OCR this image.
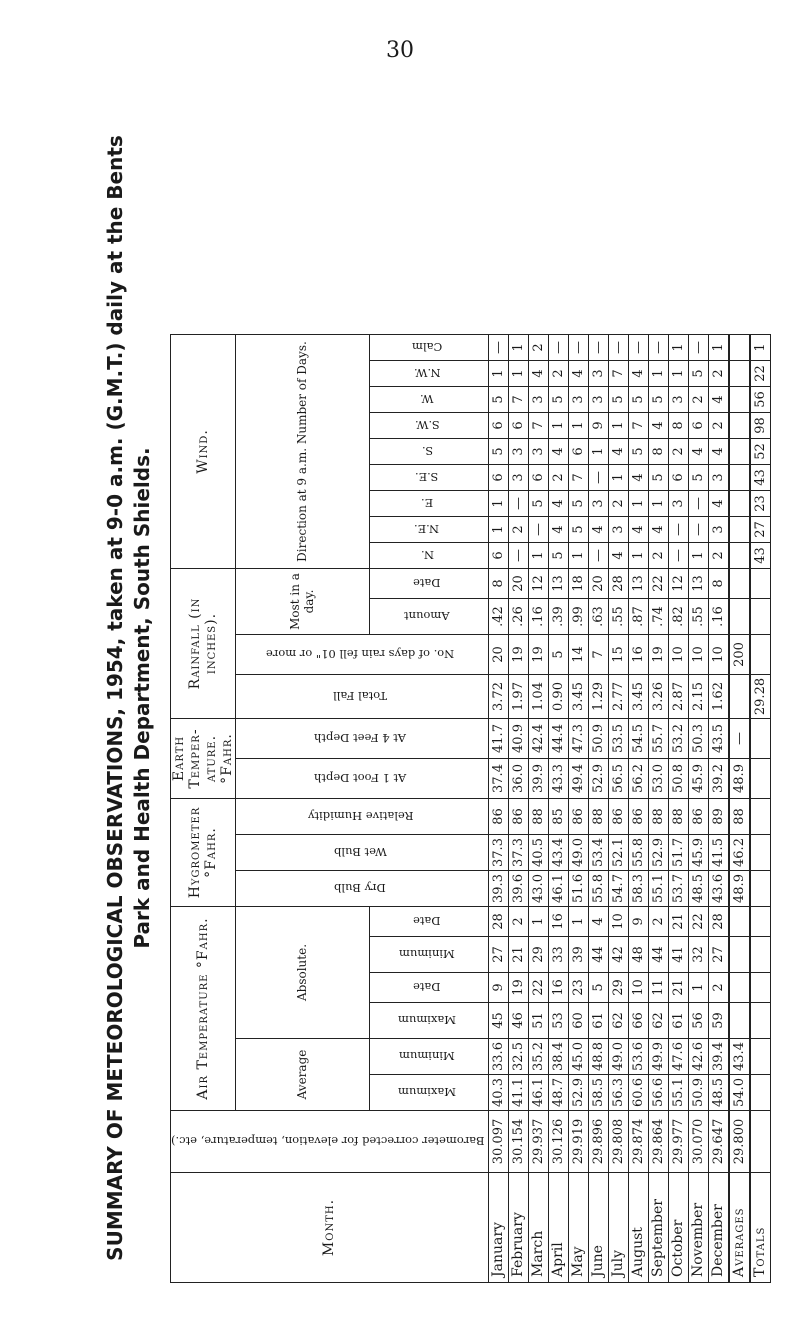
30
SUMMARY OF METEOROLOGICAL OBSERVATIONS, 1954, taken at 9-0 a.m. (G.M.T.) daily at the Bents Park and Health Department, South Shields.
Month.	Barometer corrected for elevation, temperature, etc.)	Air Temperature °Fahr.						Hygrometer °Fahr.			Earth Temper-ature. °Fahr.		Rainfall (in inches).				Wind.								
		Average		Absolute.				Dry Bulb	Wet Bulb	Relative Humidity	At 1 Foot Depth	At 4 Feet Depth	Total Fall	No. of days rain fell 01" or more	Most in a day.		Direction at 9 a.m. Number of Days.								
		Maximum	Minimum	Maximum	Date	Minimum	Date								Amount	Date	N.	N.E.	E.	S.E.	S.	S.W.	W.	N.W.	Calm
January	30.097	40.3	33.6	45	9	27	28	39.3	37.3	86	37.4	41.7	3.72	20	.42	8	6	1	1	6	5	6	5	1	—
February	30.154	41.1	32.5	46	19	21	2	39.6	37.3	86	36.0	40.9	1.97	19	.26	20	—	2	—	3	3	6	7	1	1
March	29.937	46.1	35.2	51	22	29	1	43.0	40.5	88	39.9	42.4	1.04	19	.16	12	1	—	5	6	3	7	3	4	2
April	30.126	48.7	38.4	53	16	33	16	46.1	43.4	85	43.3	44.4	0.90	5	.39	13	5	4	4	2	4	1	5	2	—
May	29.919	52.9	45.0	60	23	39	1	51.6	49.0	86	49.4	47.3	3.45	14	.99	18	1	5	5	7	6	1	3	4	—
June	29.896	58.5	48.8	61	5	44	4	55.8	53.4	88	52.9	50.9	1.29	7	.63	20	—	4	3	—	1	9	3	3	—
July	29.808	56.3	49.0	62	29	42	10	54.7	52.1	86	56.5	53.5	2.77	15	.55	28	4	3	2	1	4	1	5	7	—
August	29.874	60.6	53.6	66	10	48	9	58.3	55.8	86	56.2	54.5	3.45	16	.87	13	1	4	1	4	5	7	5	4	—
September	29.864	56.6	49.9	62	11	44	2	55.1	52.9	88	53.0	55.7	3.26	19	.74	22	2	4	1	5	8	4	5	1	—
October	29.977	55.1	47.6	61	21	41	21	53.7	51.7	88	50.8	53.2	2.87	10	.82	12	—	—	3	6	2	8	3	1	1
November	30.070	50.9	42.6	56	1	32	22	48.5	45.9	86	45.9	50.3	2.15	10	.55	13	1	—	—	5	4	6	2	5	—
December	29.647	48.5	39.4	59	2	27	28	43.6	41.5	89	39.2	43.5	1.62	10	.16	8	2	3	4	3	4	2	4	2	1
Averages	29.800	54.0	43.4					48.9	46.2	88	48.9	—		200											
Totals													29.28				43	27	23	43	52	98	56	22	1
